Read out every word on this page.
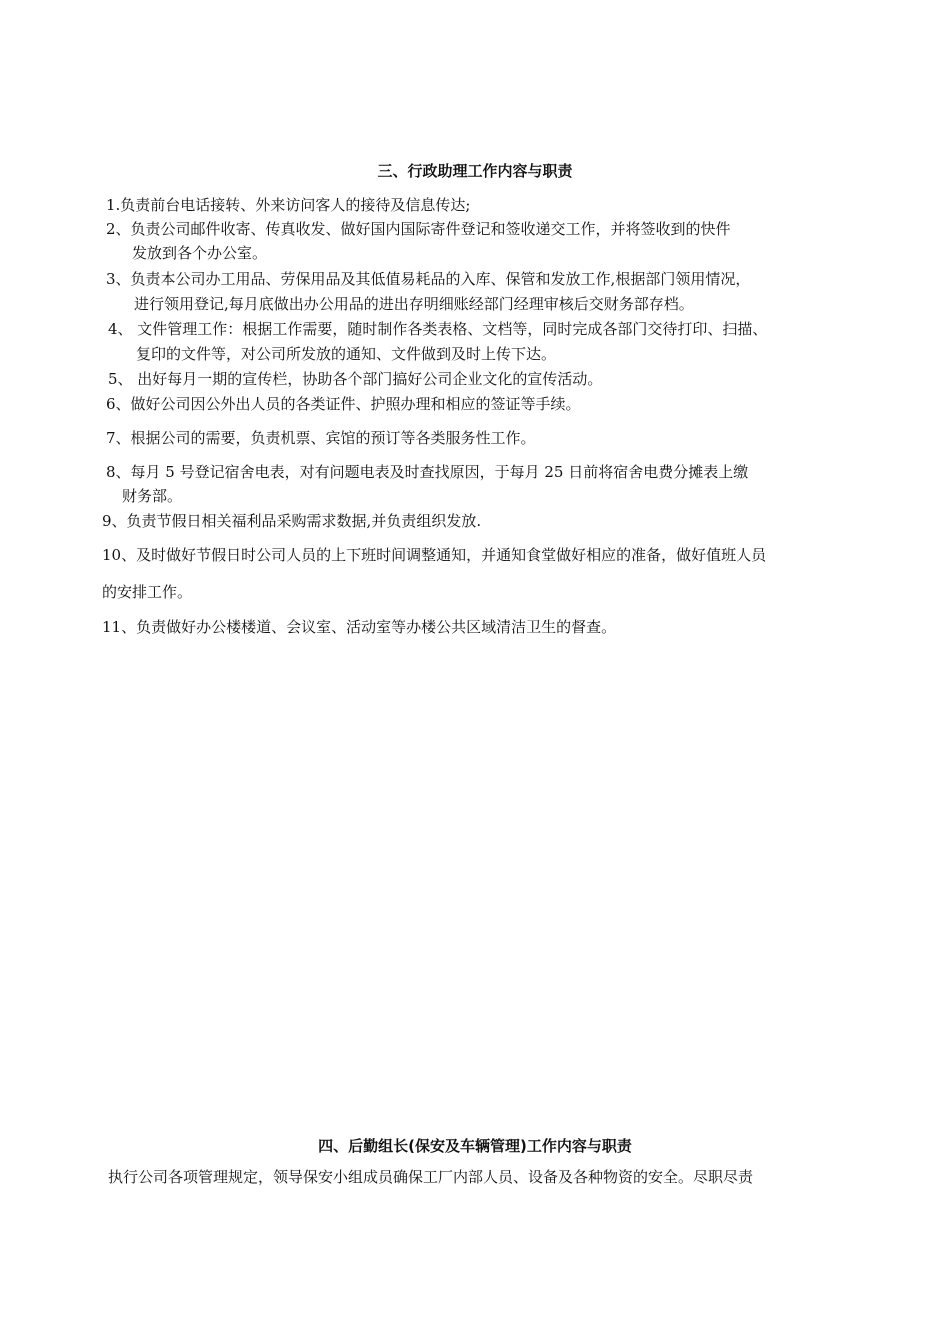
三、行政助理工作内容与职责
1.负责前台电话接转、外来访问客人的接待及信息传达;
2、负责公司邮件收寄、传真收发、做好国内国际寄件登记和签收递交工作，并将签收到的快件
发放到各个办公室。
3、负责本公司办工用品、劳保用品及其低值易耗品的入库、保管和发放工作,根据部门领用情况，
进行领用登记,每月底做出办公用品的进出存明细账经部门经理审核后交财务部存档。
4、 文件管理工作：根据工作需要，随时制作各类表格、文档等，同时完成各部门交待打印、扫描、
复印的文件等，对公司所发放的通知、文件做到及时上传下达。
5、 出好每月一期的宣传栏，协助各个部门搞好公司企业文化的宣传活动。
6、做好公司因公外出人员的各类证件、护照办理和相应的签证等手续。
7、根据公司的需要，负责机票、宾馆的预订等各类服务性工作。
8、每月 5 号登记宿舍电表，对有问题电表及时查找原因，于每月 25 日前将宿舍电费分摊表上缴
财务部。
9、负责节假日相关福利品采购需求数据,并负责组织发放.
10、及时做好节假日时公司人员的上下班时间调整通知，并通知食堂做好相应的准备，做好值班人员
的安排工作。
11、负责做好办公楼楼道、会议室、活动室等办楼公共区域清洁卫生的督查。
四、后勤组长(保安及车辆管理)工作内容与职责
执行公司各项管理规定，领导保安小组成员确保工厂内部人员、设备及各种物资的安全。尽职尽责
